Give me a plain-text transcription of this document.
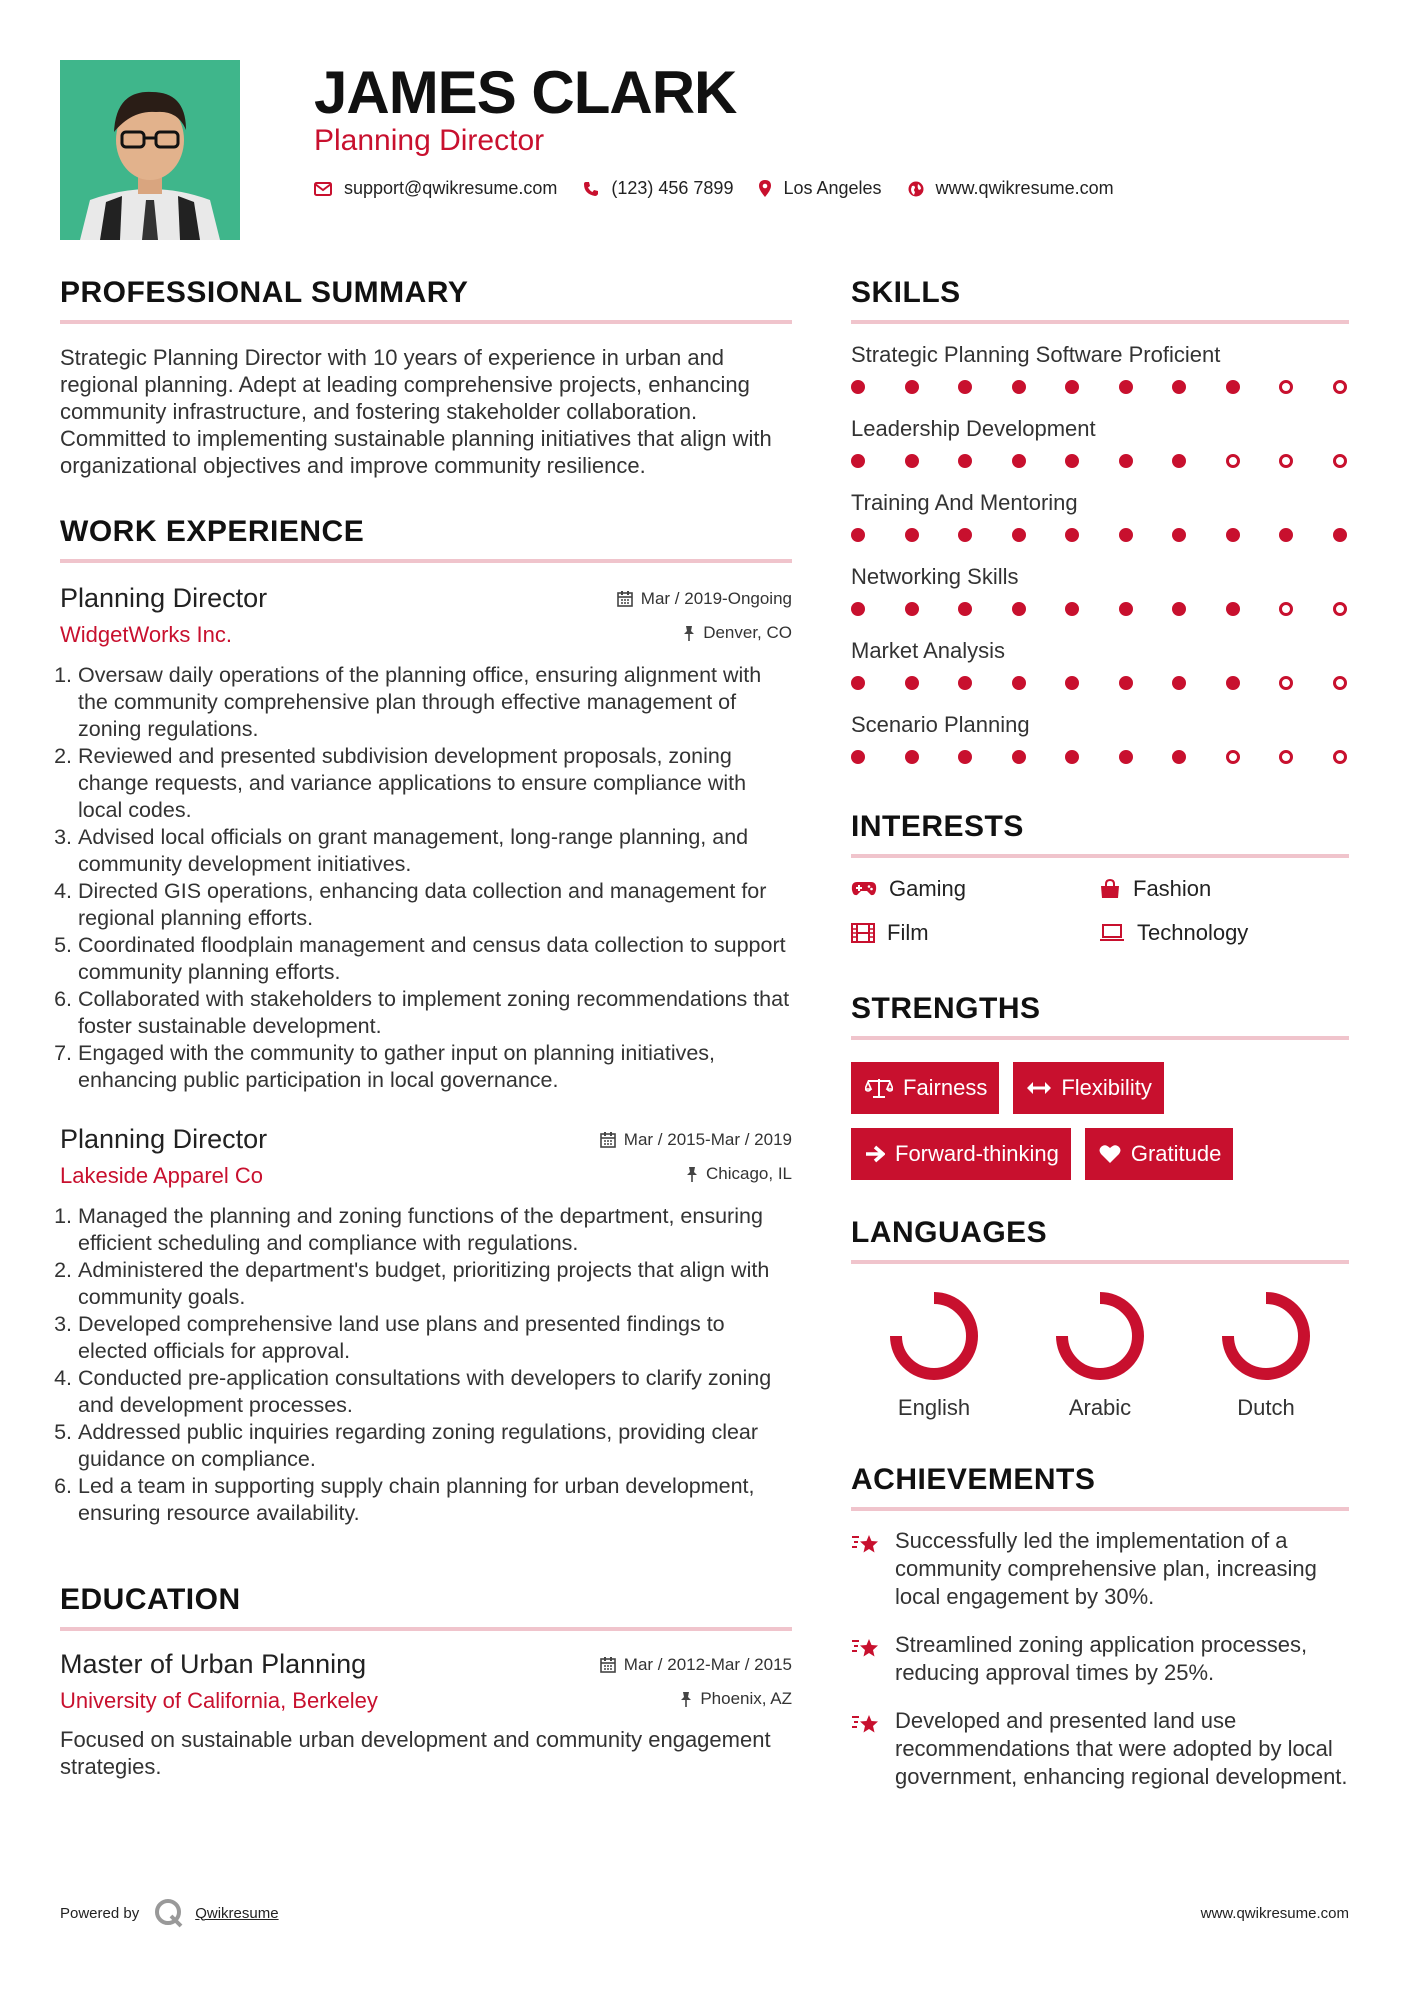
JAMES CLARK
Planning Director
support@qwikresume.com	(123) 456 7899	Los Angeles	www.qwikresume.com
PROFESSIONAL SUMMARY
Strategic Planning Director with 10 years of experience in urban and regional planning. Adept at leading comprehensive projects, enhancing community infrastructure, and fostering stakeholder collaboration. Committed to implementing sustainable planning initiatives that align with organizational objectives and improve community resilience.
WORK EXPERIENCE
Planning Director
WidgetWorks Inc.
Mar / 2019-Ongoing
Denver, CO
1. Oversaw daily operations of the planning office, ensuring alignment with the community comprehensive plan through effective management of zoning regulations.
2. Reviewed and presented subdivision development proposals, zoning change requests, and variance applications to ensure compliance with local codes.
3. Advised local officials on grant management, long-range planning, and community development initiatives.
4. Directed GIS operations, enhancing data collection and management for regional planning efforts.
5. Coordinated floodplain management and census data collection to support community planning efforts.
6. Collaborated with stakeholders to implement zoning recommendations that foster sustainable development.
7. Engaged with the community to gather input on planning initiatives, enhancing public participation in local governance.
Planning Director
Lakeside Apparel Co
Mar / 2015-Mar / 2019
Chicago, IL
1. Managed the planning and zoning functions of the department, ensuring efficient scheduling and compliance with regulations.
2. Administered the department's budget, prioritizing projects that align with community goals.
3. Developed comprehensive land use plans and presented findings to elected officials for approval.
4. Conducted pre-application consultations with developers to clarify zoning and development processes.
5. Addressed public inquiries regarding zoning regulations, providing clear guidance on compliance.
6. Led a team in supporting supply chain planning for urban development, ensuring resource availability.
EDUCATION
Master of Urban Planning
University of California, Berkeley
Mar / 2012-Mar / 2015
Phoenix, AZ
Focused on sustainable urban development and community engagement strategies.
SKILLS
Strategic Planning Software Proficient
Leadership Development
Training And Mentoring
Networking Skills
Market Analysis
Scenario Planning
INTERESTS
Gaming	Fashion
Film	Technology
STRENGTHS
Fairness	Flexibility
Forward-thinking	Gratitude
LANGUAGES
English	Arabic	Dutch
ACHIEVEMENTS
Successfully led the implementation of a community comprehensive plan, increasing local engagement by 30%.
Streamlined zoning application processes, reducing approval times by 25%.
Developed and presented land use recommendations that were adopted by local government, enhancing regional development.
Powered by	Qwikresume	www.qwikresume.com
